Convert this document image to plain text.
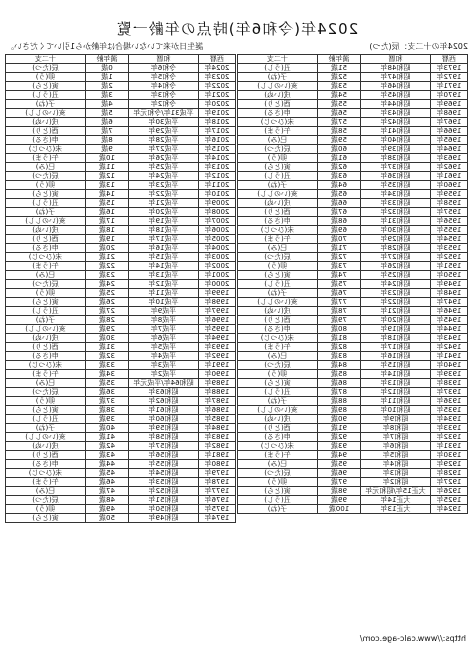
2024年(令和6年)時点の年齢一覧
誕生日が来ていない場合は年齢から1引いてください。	2024年の十二支：辰(たつ)
西暦	和暦	満年齢	十二支
2024年	令和6年	0歳	辰(たつ)
2023年	令和5年	1歳	卯(う)
2022年	令和4年	2歳	寅(とら)
2021年	令和3年	3歳	丑(うし)
2020年	令和2年	4歳	子(ね)
2019年	平成31年/令和元年	5歳	亥(いのしし)
2018年	平成30年	6歳	戌(いぬ)
2017年	平成29年	7歳	酉(とり)
2016年	平成28年	8歳	申(さる)
2015年	平成27年	9歳	未(ひつじ)
2014年	平成26年	10歳	午(うま)
2013年	平成25年	11歳	巳(み)
2012年	平成24年	12歳	辰(たつ)
2011年	平成23年	13歳	卯(う)
2010年	平成22年	14歳	寅(とら)
2009年	平成21年	15歳	丑(うし)
2008年	平成20年	16歳	子(ね)
2007年	平成19年	17歳	亥(いのしし)
2006年	平成18年	18歳	戌(いぬ)
2005年	平成17年	19歳	酉(とり)
2004年	平成16年	20歳	申(さる)
2003年	平成15年	21歳	未(ひつじ)
2002年	平成14年	22歳	午(うま)
2001年	平成13年	23歳	巳(み)
2000年	平成12年	24歳	辰(たつ)
1999年	平成11年	25歳	卯(う)
1998年	平成10年	26歳	寅(とら)
1997年	平成9年	27歳	丑(うし)
1996年	平成8年	28歳	子(ね)
1995年	平成7年	29歳	亥(いのしし)
1994年	平成6年	30歳	戌(いぬ)
1993年	平成5年	31歳	酉(とり)
1992年	平成4年	32歳	申(さる)
1991年	平成3年	33歳	未(ひつじ)
1990年	平成2年	34歳	午(うま)
1989年	昭和64年/平成元年	35歳	巳(み)
1988年	昭和63年	36歳	辰(たつ)
1987年	昭和62年	37歳	卯(う)
1986年	昭和61年	38歳	寅(とら)
1985年	昭和60年	39歳	丑(うし)
1984年	昭和59年	40歳	子(ね)
1983年	昭和58年	41歳	亥(いのしし)
1982年	昭和57年	42歳	戌(いぬ)
1981年	昭和56年	43歳	酉(とり)
1980年	昭和55年	44歳	申(さる)
1979年	昭和54年	45歳	未(ひつじ)
1978年	昭和53年	46歳	午(うま)
1977年	昭和52年	47歳	巳(み)
1976年	昭和51年	48歳	辰(たつ)
1975年	昭和50年	49歳	卯(う)
1974年	昭和49年	50歳	寅(とら)
西暦	和暦	満年齢	十二支
1973年	昭和48年	51歳	丑(うし)
1972年	昭和47年	52歳	子(ね)
1971年	昭和46年	53歳	亥(いのしし)
1970年	昭和45年	54歳	戌(いぬ)
1969年	昭和44年	55歳	酉(とり)
1968年	昭和43年	56歳	申(さる)
1967年	昭和42年	57歳	未(ひつじ)
1966年	昭和41年	58歳	午(うま)
1965年	昭和40年	59歳	巳(み)
1964年	昭和39年	60歳	辰(たつ)
1963年	昭和38年	61歳	卯(う)
1962年	昭和37年	62歳	寅(とら)
1961年	昭和36年	63歳	丑(うし)
1960年	昭和35年	64歳	子(ね)
1959年	昭和34年	65歳	亥(いのしし)
1958年	昭和33年	66歳	戌(いぬ)
1957年	昭和32年	67歳	酉(とり)
1956年	昭和31年	68歳	申(さる)
1955年	昭和30年	69歳	未(ひつじ)
1954年	昭和29年	70歳	午(うま)
1953年	昭和28年	71歳	巳(み)
1952年	昭和27年	72歳	辰(たつ)
1951年	昭和26年	73歳	卯(う)
1950年	昭和25年	74歳	寅(とら)
1949年	昭和24年	75歳	丑(うし)
1948年	昭和23年	76歳	子(ね)
1947年	昭和22年	77歳	亥(いのしし)
1946年	昭和21年	78歳	戌(いぬ)
1945年	昭和20年	79歳	酉(とり)
1944年	昭和19年	80歳	申(さる)
1943年	昭和18年	81歳	未(ひつじ)
1942年	昭和17年	82歳	午(うま)
1941年	昭和16年	83歳	巳(み)
1940年	昭和15年	84歳	辰(たつ)
1939年	昭和14年	85歳	卯(う)
1938年	昭和13年	86歳	寅(とら)
1937年	昭和12年	87歳	丑(うし)
1936年	昭和11年	88歳	子(ね)
1935年	昭和10年	89歳	亥(いのしし)
1934年	昭和9年	90歳	戌(いぬ)
1933年	昭和8年	91歳	酉(とり)
1932年	昭和7年	92歳	申(さる)
1931年	昭和6年	93歳	未(ひつじ)
1930年	昭和5年	94歳	午(うま)
1929年	昭和4年	95歳	巳(み)
1928年	昭和3年	96歳	辰(たつ)
1927年	昭和2年	97歳	卯(う)
1926年	大正15年/昭和元年	98歳	寅(とら)
1925年	大正14年	99歳	丑(うし)
1924年	大正13年	100歳	子(ね)
https://www.calc-age.com/
